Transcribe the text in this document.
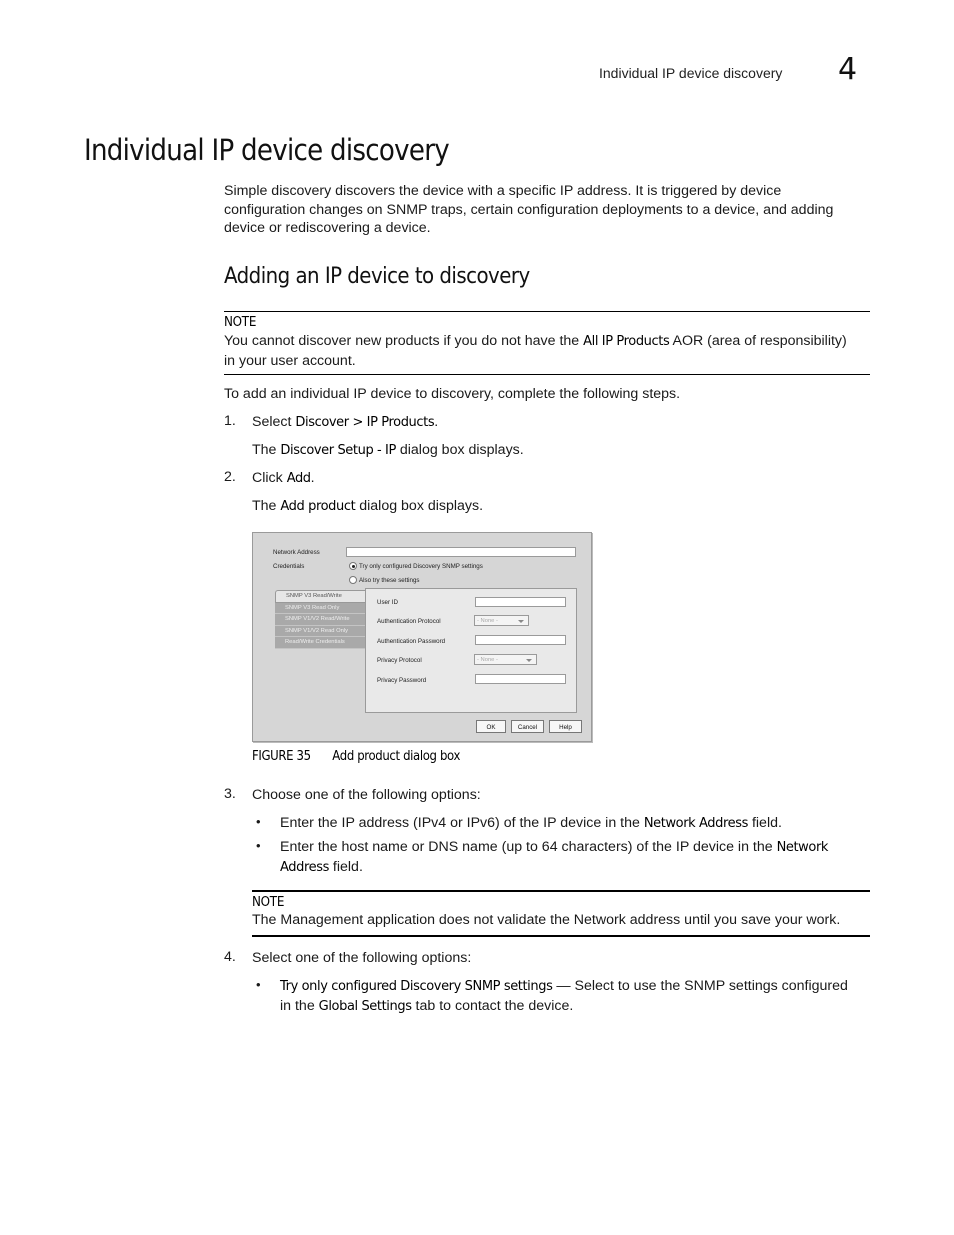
Individual IP device discovery 4
Individual IP device discovery
Simple discovery discovers the device with a specific IP address. It is triggered by device
configuration changes on SNMP traps, certain configuration deployments to a device, and adding
device or rediscovering a device.
Adding an IP device to discovery
NOTE
You cannot discover new products if you do not have the All IP Products AOR (area of responsibility)
in your user account.
To add an individual IP device to discovery, complete the following steps.
1. Select Discover > IP Products.
The Discover Setup - IP dialog box displays.
2. Click Add.
The Add product dialog box displays.
Network Address
Credentials	Try only configured Discovery SNMP settings
Also try these settings
SNMP V3 Read/Write
SNMP V3 Read Only
SNMP V1/V2 Read/Write
SNMP V1/V2 Read Only
Read/Write Credentials
User ID
Authentication Protocol	- None -
Authentication Password
Privacy Protocol	- None -
Privacy Password
OK	Cancel	Help
FIGURE 35 Add product dialog box
3. Choose one of the following options:
• Enter the IP address (IPv4 or IPv6) of the IP device in the Network Address field.
• Enter the host name or DNS name (up to 64 characters) of the IP device in the Network
Address field.
NOTE
The Management application does not validate the Network address until you save your work.
4. Select one of the following options:
• Try only configured Discovery SNMP settings — Select to use the SNMP settings configured
in the Global Settings tab to contact the device.
